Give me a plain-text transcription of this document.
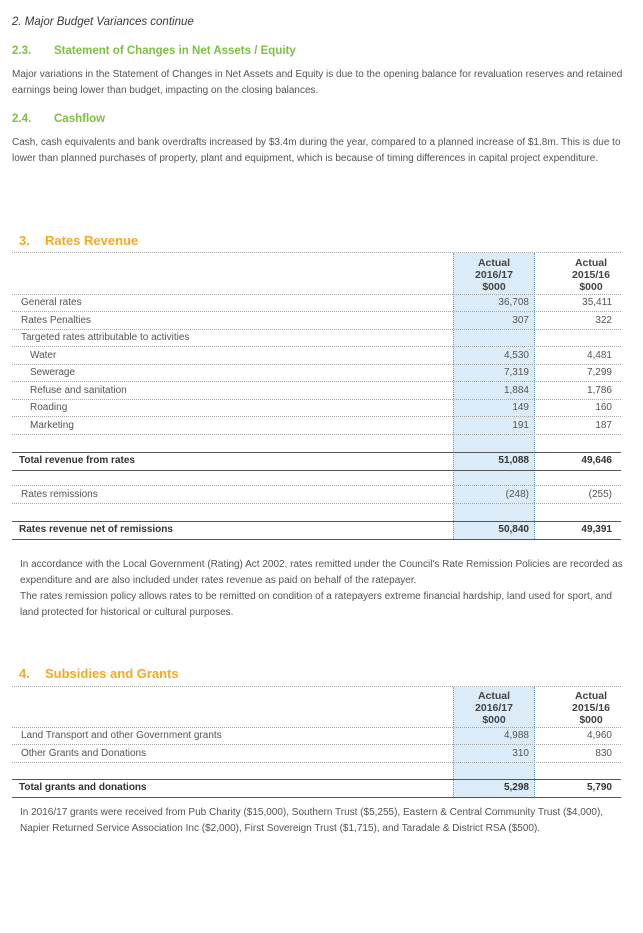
2. Major Budget Variances continue
2.3. Statement of Changes in Net Assets / Equity
Major variations in the Statement of Changes in Net Assets and Equity is due to the opening balance for revaluation reserves and retained earnings being lower than budget, impacting on the closing balances.
2.4. Cashflow
Cash, cash equivalents and bank overdrafts increased by $3.4m during the year, compared to a planned increase of $1.8m. This is due to lower than planned purchases of property, plant and equipment, which is because of timing differences in capital project expenditure.
3. Rates Revenue
Actual
2016/17
$000
Actual
2015/16
$000
General rates	36,708	35,411
Rates Penalties	307	322
Targeted rates attributable to activities
Water	4,530	4,481
Sewerage	7,319	7,299
Refuse and sanitation	1,884	1,786
Roading	149	160
Marketing	191	187
Total revenue from rates	51,088	49,646
Rates remissions	(248)	(255)
Rates revenue net of remissions	50,840	49,391
In accordance with the Local Government (Rating) Act 2002, rates remitted under the Council's Rate Remission Policies are recorded as expenditure and are also included under rates revenue as paid on behalf of the ratepayer.
The rates remission policy allows rates to be remitted on condition of a ratepayers extreme financial hardship, land used for sport, and land protected for historical or cultural purposes.
4. Subsidies and Grants
Actual
2016/17
$000
Actual
2015/16
$000
Land Transport and other Government grants	4,988	4,960
Other Grants and Donations	310	830
Total grants and donations	5,298	5,790
In 2016/17 grants were received from Pub Charity ($15,000), Southern Trust ($5,255), Eastern & Central Community Trust ($4,000), Napier Returned Service Association Inc ($2,000), First Sovereign Trust ($1,715), and Taradale & District RSA ($500).
